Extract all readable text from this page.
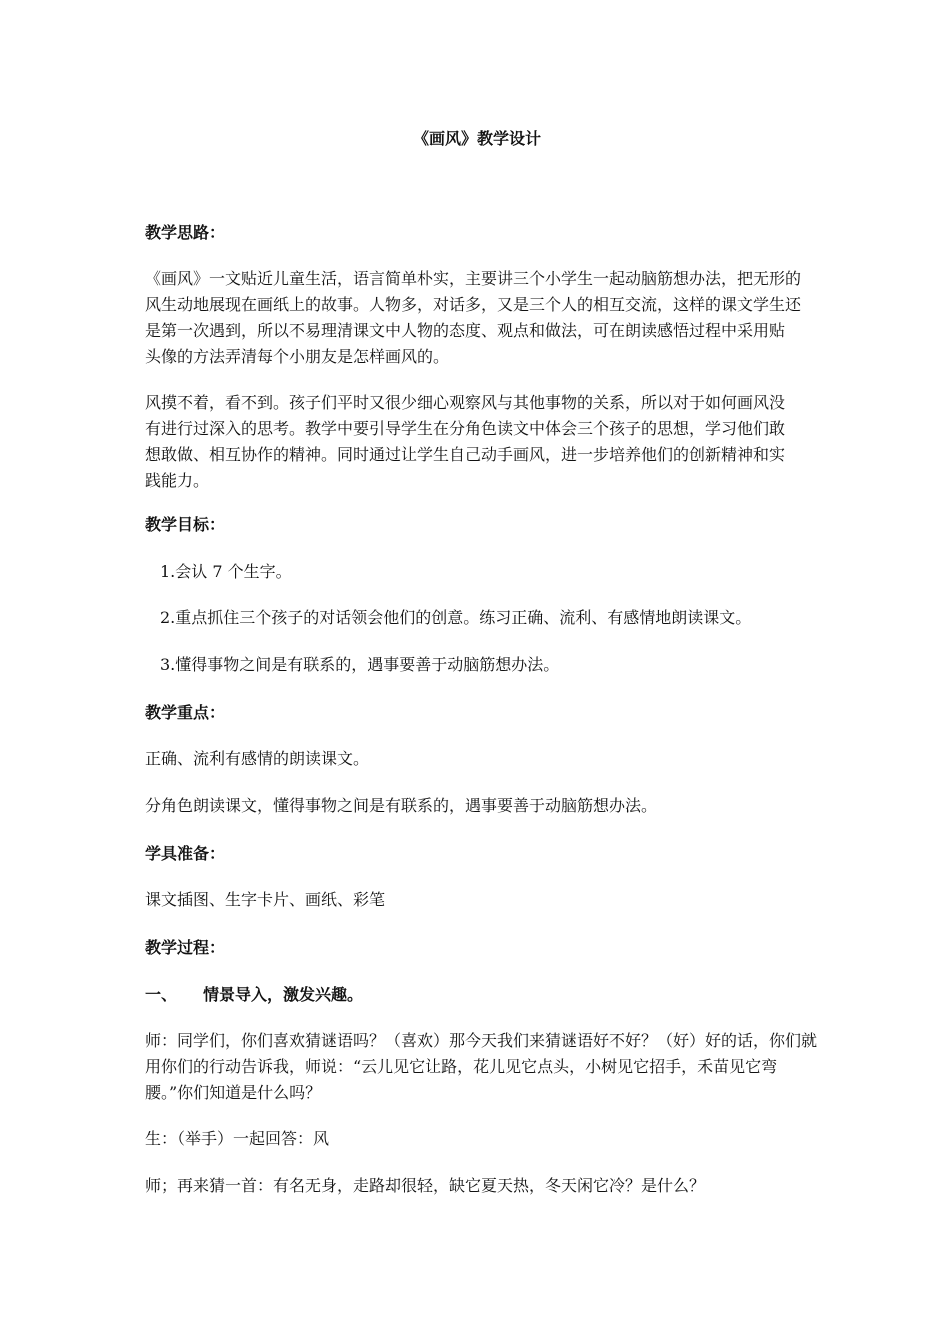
《画风》教学设计

教学思路：

《画风》一文贴近儿童生活，语言简单朴实，主要讲三个小学生一起动脑筋想办法，把无形的
风生动地展现在画纸上的故事。人物多，对话多，又是三个人的相互交流，这样的课文学生还
是第一次遇到，所以不易理清课文中人物的态度、观点和做法，可在朗读感悟过程中采用贴
头像的方法弄清每个小朋友是怎样画风的。
风摸不着，看不到。孩子们平时又很少细心观察风与其他事物的关系，所以对于如何画风没
有进行过深入的思考。教学中要引导学生在分角色读文中体会三个孩子的思想，学习他们敢
想敢做、相互协作的精神。同时通过让学生自己动手画风，进一步培养他们的创新精神和实
践能力。

教学目标：

1.会认 7 个生字。

2.重点抓住三个孩子的对话领会他们的创意。练习正确、流利、有感情地朗读课文。

3.懂得事物之间是有联系的，遇事要善于动脑筋想办法。

教学重点：

正确、流利有感情的朗读课文。

分角色朗读课文，懂得事物之间是有联系的，遇事要善于动脑筋想办法。

学具准备：

课文插图、生字卡片、画纸、彩笔

教学过程：

一、 情景导入，激发兴趣。

师：同学们，你们喜欢猜谜语吗？（喜欢）那今天我们来猜谜语好不好？（好）好的话，你们就
用你们的行动告诉我，师说：“云儿见它让路，花儿见它点头，小树见它招手，禾苗见它弯
腰。”你们知道是什么吗？

生：（举手）一起回答：风

师；再来猜一首：有名无身，走路却很轻，缺它夏天热，冬天闲它冷？是什么？
